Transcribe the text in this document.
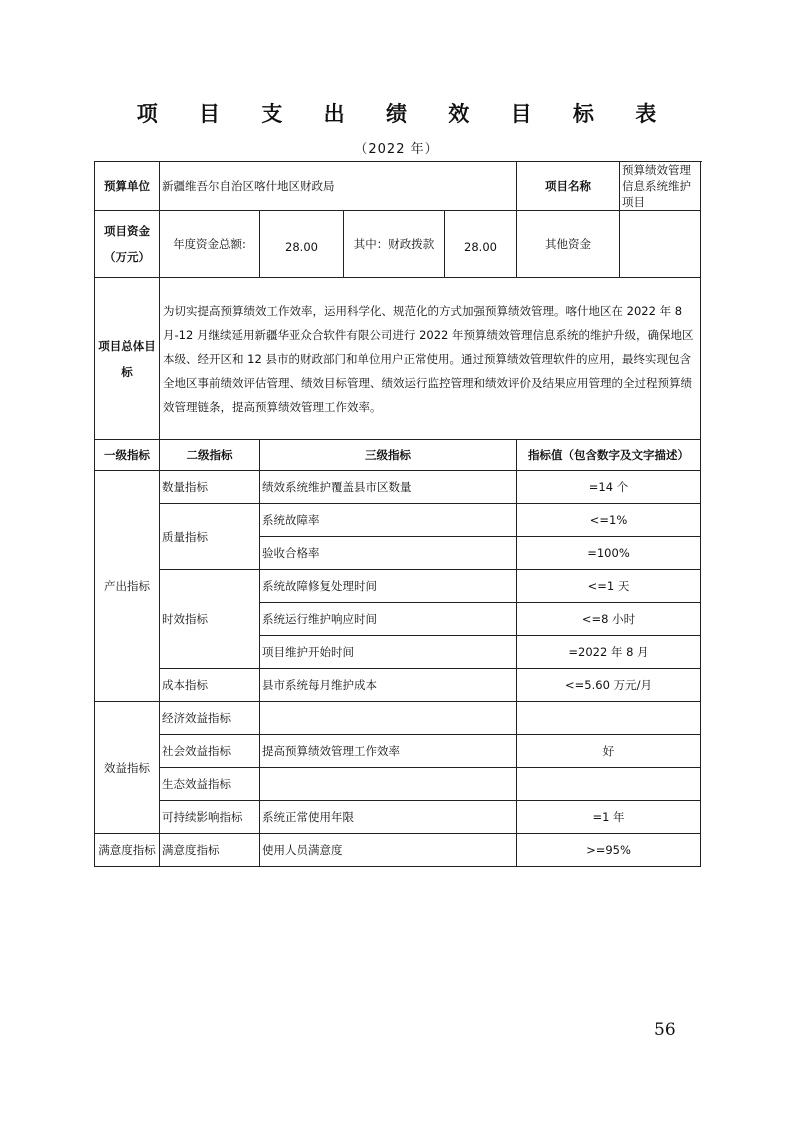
项 目 支 出 绩 效 目 标 表
（2022 年）
预算单位	新疆维吾尔自治区喀什地区财政局				项目名称	预算绩效管理信息系统维护项目

项目资金
（万元）	年度资金总额:	28.00	其中：财政拨款	28.00	其他资金	
项目总体目标	为切实提高预算绩效工作效率，运用科学化、规范化的方式加强预算绩效管理。喀什地区在 2022 年 8 月-12 月继续延用新疆华亚众合软件有限公司进行 2022 年预算绩效管理信息系统的维护升级，确保地区本级、经开区和 12 县市的财政部门和单位用户正常使用。通过预算绩效管理软件的应用，最终实现包含全地区事前绩效评估管理、绩效目标管理、绩效运行监控管理和绩效评价及结果应用管理的全过程预算绩效管理链条，提高预算绩效管理工作效率。					
一级指标	二级指标	三级指标			指标值（包含数字及文字描述）	
产出指标	数量指标	绩效系统维护覆盖县市区数量			=14 个	
	质量指标	系统故障率			<=1%	
		验收合格率			=100%	
	时效指标	系统故障修复处理时间			<=1 天	
		系统运行维护响应时间			<=8 小时	
		项目维护开始时间			=2022 年 8 月	
	成本指标	县市系统每月维护成本			<=5.60 万元/月	
效益指标	经济效益指标					
	社会效益指标	提高预算绩效管理工作效率			好	
	生态效益指标					
	可持续影响指标	系统正常使用年限			=1 年	
满意度指标	满意度指标	使用人员满意度			>=95%	
56
